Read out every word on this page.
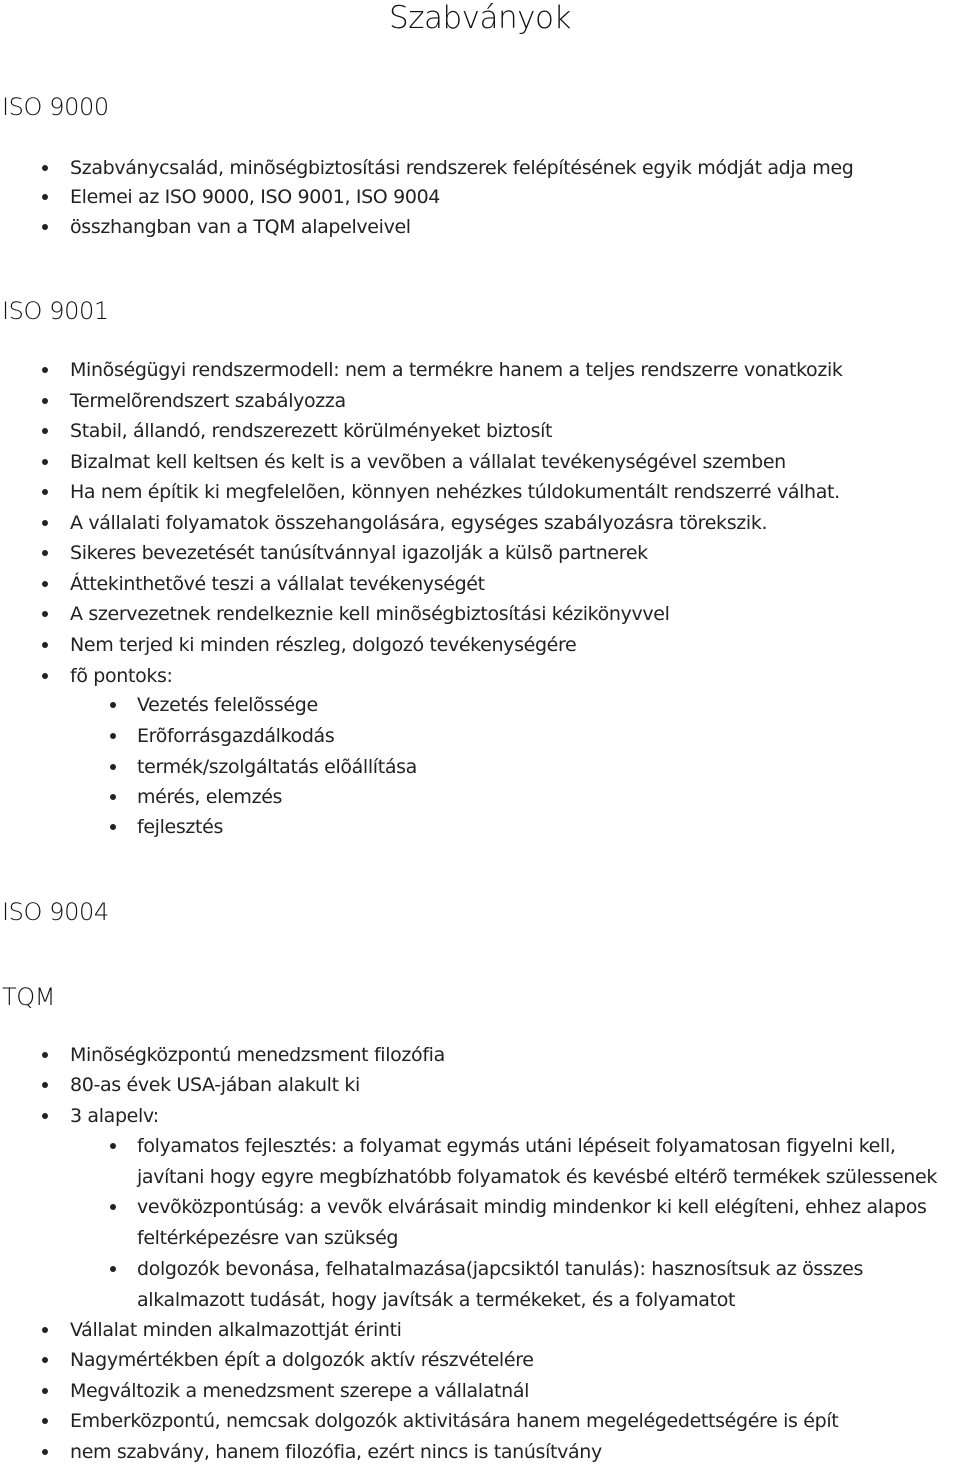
Szabványok
ISO 9000
Szabványcsalád, minõségbiztosítási rendszerek felépítésének egyik módját adja meg
Elemei az ISO 9000, ISO 9001, ISO 9004
összhangban van a TQM alapelveivel
ISO 9001
Minõségügyi rendszermodell: nem a termékre hanem a teljes rendszerre vonatkozik
Termelõrendszert szabályozza
Stabil, állandó, rendszerezett körülményeket biztosít
Bizalmat kell keltsen és kelt is a vevõben a vállalat tevékenységével szemben
Ha nem építik ki megfelelõen, könnyen nehézkes túldokumentált rendszerré válhat.
A vállalati folyamatok összehangolására, egységes szabályozásra törekszik.
Sikeres bevezetését tanúsítvánnyal igazolják a külsõ partnerek
Áttekinthetõvé teszi a vállalat tevékenységét
A szervezetnek rendelkeznie kell minõségbiztosítási kézikönyvvel
Nem terjed ki minden részleg, dolgozó tevékenységére
fõ pontoks:
Vezetés felelõssége
Erõforrásgazdálkodás
termék/szolgáltatás elõállítása
mérés, elemzés
fejlesztés
ISO 9004
TQM
Minõségközpontú menedzsment filozófia
80-as évek USA-jában alakult ki
3 alapelv:
folyamatos fejlesztés: a folyamat egymás utáni lépéseit folyamatosan figyelni kell,
javítani hogy egyre megbízhatóbb folyamatok és kevésbé eltérõ termékek szülessenek
vevõközpontúság: a vevõk elvárásait mindig mindenkor ki kell elégíteni, ehhez alapos
feltérképezésre van szükség
dolgozók bevonása, felhatalmazása(japcsiktól tanulás): hasznosítsuk az összes
alkalmazott tudását, hogy javítsák a termékeket, és a folyamatot
Vállalat minden alkalmazottját érinti
Nagymértékben épít a dolgozók aktív részvételére
Megváltozik a menedzsment szerepe a vállalatnál
Emberközpontú, nemcsak dolgozók aktivitására hanem megelégedettségére is épít
nem szabvány, hanem filozófia, ezért nincs is tanúsítvány
